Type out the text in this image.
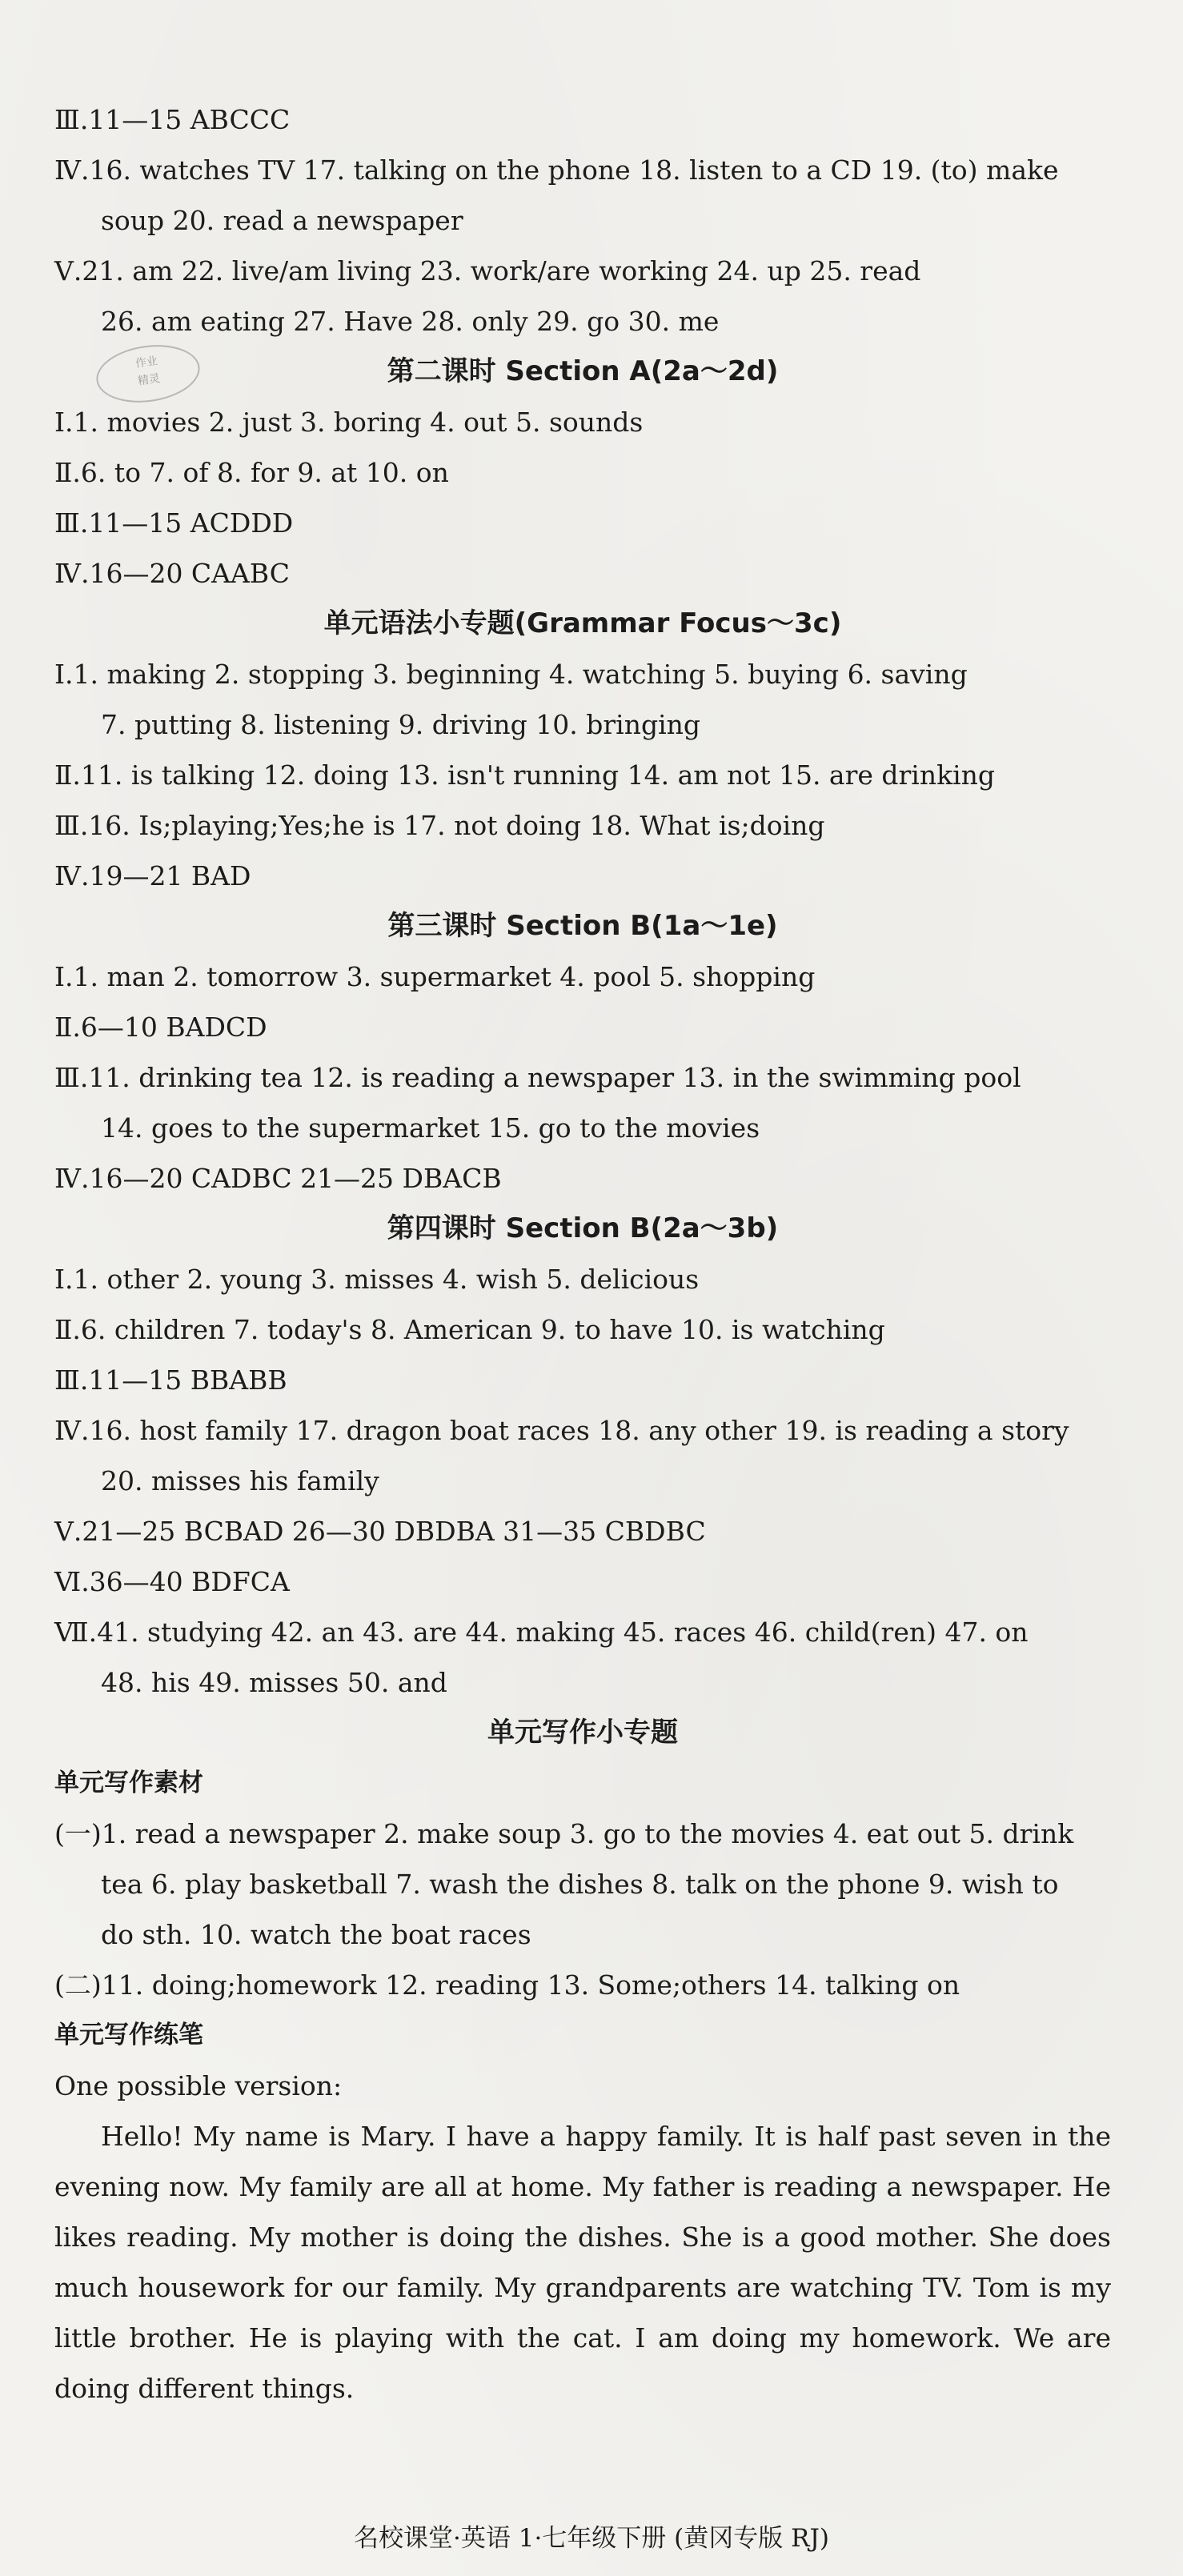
作业
精灵
Ⅲ.11—15 ABCCC
Ⅳ.16. watches TV 17. talking on the phone 18. listen to a CD 19. (to) make
soup 20. read a newspaper
Ⅴ.21. am 22. live/am living 23. work/are working 24. up 25. read
26. am eating 27. Have 28. only 29. go 30. me
第二课时 Section A(2a～2d)
Ⅰ.1. movies 2. just 3. boring 4. out 5. sounds
Ⅱ.6. to 7. of 8. for 9. at 10. on
Ⅲ.11—15 ACDDD
Ⅳ.16—20 CAABC
单元语法小专题(Grammar Focus～3c)
Ⅰ.1. making 2. stopping 3. beginning 4. watching 5. buying 6. saving
7. putting 8. listening 9. driving 10. bringing
Ⅱ.11. is talking 12. doing 13. isn't running 14. am not 15. are drinking
Ⅲ.16. Is;playing;Yes;he is 17. not doing 18. What is;doing
Ⅳ.19—21 BAD
第三课时 Section B(1a～1e)
Ⅰ.1. man 2. tomorrow 3. supermarket 4. pool 5. shopping
Ⅱ.6—10 BADCD
Ⅲ.11. drinking tea 12. is reading a newspaper 13. in the swimming pool
14. goes to the supermarket 15. go to the movies
Ⅳ.16—20 CADBC 21—25 DBACB
第四课时 Section B(2a～3b)
Ⅰ.1. other 2. young 3. misses 4. wish 5. delicious
Ⅱ.6. children 7. today's 8. American 9. to have 10. is watching
Ⅲ.11—15 BBABB
Ⅳ.16. host family 17. dragon boat races 18. any other 19. is reading a story
20. misses his family
Ⅴ.21—25 BCBAD 26—30 DBDBA 31—35 CBDBC
Ⅵ.36—40 BDFCA
Ⅶ.41. studying 42. an 43. are 44. making 45. races 46. child(ren) 47. on
48. his 49. misses 50. and
单元写作小专题
单元写作素材
(一)1. read a newspaper 2. make soup 3. go to the movies 4. eat out 5. drink
tea 6. play basketball 7. wash the dishes 8. talk on the phone 9. wish to
do sth. 10. watch the boat races
(二)11. doing;homework 12. reading 13. Some;others 14. talking on
单元写作练笔
One possible version:
Hello! My name is Mary. I have a happy family. It is half past seven in the evening now. My family are all at home. My father is reading a newspaper. He likes reading. My mother is doing the dishes. She is a good mother. She does much housework for our family. My grandparents are watching TV. Tom is my little brother. He is playing with the cat. I am doing my homework. We are doing different things.
名校课堂·英语 1·七年级下册 (黄冈专版 RJ)
